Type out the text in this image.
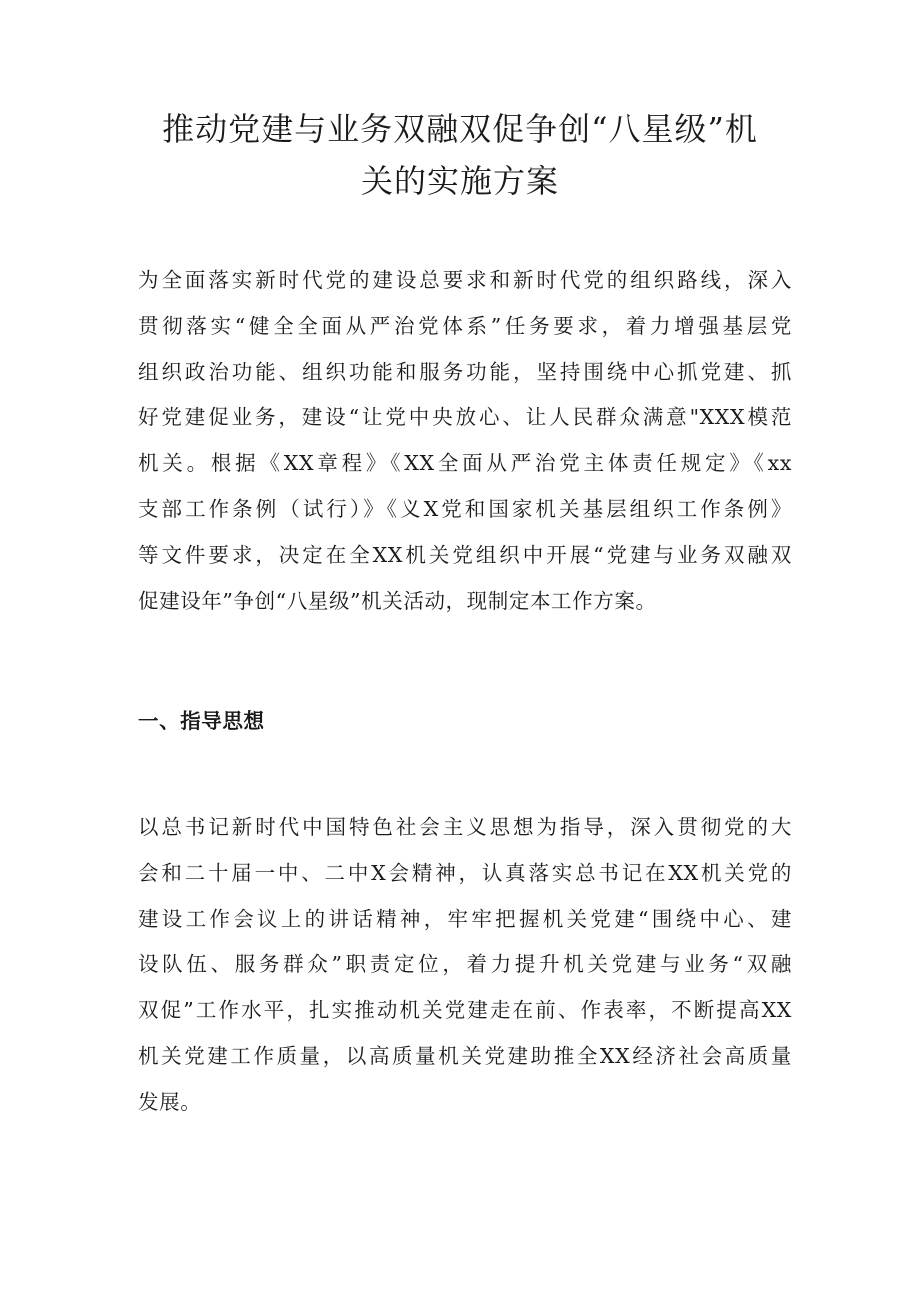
推动党建与业务双融双促争创“八星级”机
关的实施方案

为全面落实新时代党的建设总要求和新时代党的组织路线，深入
贯彻落实“健全全面从严治党体系”任务要求，着力增强基层党
组织政治功能、组织功能和服务功能，坚持围绕中心抓党建、抓
好党建促业务，建设“让党中央放心、让人民群众满意"XXX模范
机关。根据《XX章程》《XX全面从严治党主体责任规定》《xx
支部工作条例（试行）》《义X党和国家机关基层组织工作条例》
等文件要求，决定在全XX机关党组织中开展“党建与业务双融双
促建设年”争创“八星级”机关活动，现制定本工作方案。

一、指导思想

以总书记新时代中国特色社会主义思想为指导，深入贯彻党的大
会和二十届一中、二中X会精神，认真落实总书记在XX机关党的
建设工作会议上的讲话精神，牢牢把握机关党建“围绕中心、建
设队伍、服务群众”职责定位，着力提升机关党建与业务“双融
双促”工作水平，扎实推动机关党建走在前、作表率，不断提高XX
机关党建工作质量，以高质量机关党建助推全XX经济社会高质量
发展。
